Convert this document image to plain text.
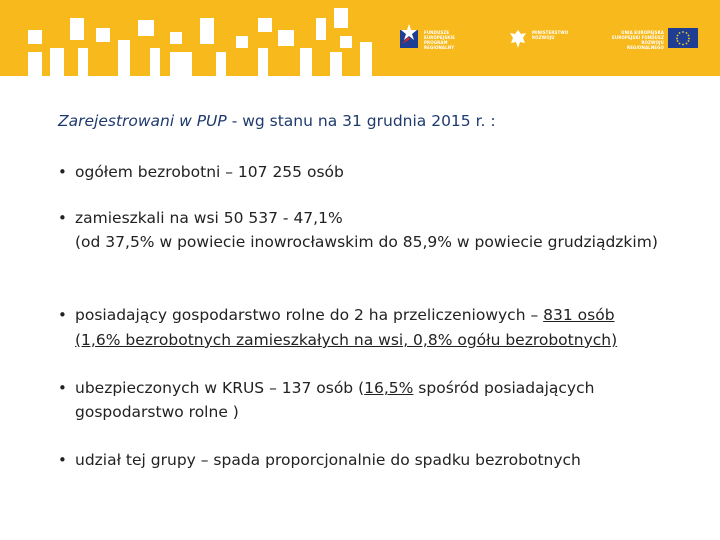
FUNDUSZE
EUROPEJSKIE
PROGRAM REGIONALNY
MINISTERSTWO
ROZWOJU
UNIA EUROPEJSKA
EUROPEJSKI FUNDUSZ
ROZWOJU REGIONALNEGO
Zarejestrowani w PUP - wg stanu na 31 grudnia 2015 r. :
• ogółem bezrobotni – 107 255 osób
• zamieszkali na wsi 50 537 - 47,1%
(od 37,5% w powiecie inowrocławskim do 85,9% w powiecie grudziądzkim)
• posiadający gospodarstwo rolne do 2 ha przeliczeniowych – 831 osób
(1,6% bezrobotnych zamieszkałych na wsi, 0,8% ogółu bezrobotnych)
• ubezpieczonych w KRUS – 137 osób (16,5% spośród posiadających
gospodarstwo rolne )
• udział tej grupy – spada proporcjonalnie do spadku bezrobotnych
